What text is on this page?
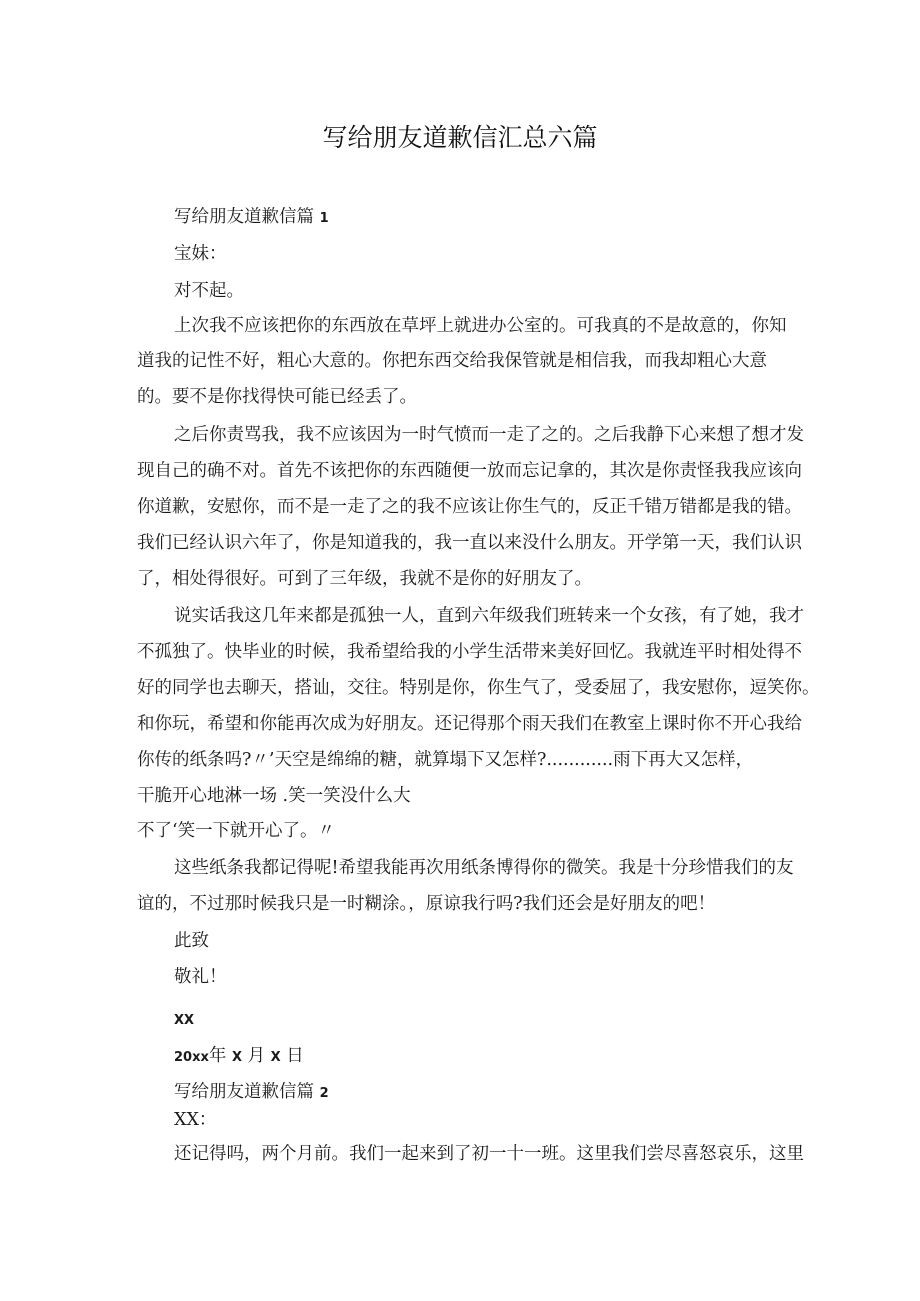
写给朋友道歉信汇总六篇
写给朋友道歉信篇 1
宝妹：
对不起。
上次我不应该把你的东西放在草坪上就进办公室的。可我真的不是故意的，你知
道我的记性不好，粗心大意的。你把东西交给我保管就是相信我，而我却粗心大意
的。要不是你找得快可能已经丢了。
之后你责骂我，我不应该因为一时气愤而一走了之的。之后我静下心来想了想才发
现自己的确不对。首先不该把你的东西随便一放而忘记拿的，其次是你责怪我我应该向
你道歉，安慰你，而不是一走了之的我不应该让你生气的，反正千错万错都是我的错。
我们已经认识六年了，你是知道我的，我一直以来没什么朋友。开学第一天，我们认识
了，相处得很好。可到了三年级，我就不是你的好朋友了。
说实话我这几年来都是孤独一人，直到六年级我们班转来一个女孩，有了她，我才
不孤独了。快毕业的时候，我希望给我的小学生活带来美好回忆。我就连平时相处得不
好的同学也去聊天，搭讪，交往。特别是你，你生气了，受委屈了，我安慰你，逗笑你。
和你玩，希望和你能再次成为好朋友。还记得那个雨天我们在教室上课时你不开心我给
你传的纸条吗?〃’天空是绵绵的糖，就算塌下又怎样?............雨下再大又怎样，
干脆开心地淋一场 .笑一笑没什么大
不了‘笑一下就开心了。〃
这些纸条我都记得呢!希望我能再次用纸条博得你的微笑。我是十分珍惜我们的友
谊的，不过那时候我只是一时糊涂。，原谅我行吗?我们还会是好朋友的吧！
此致
敬礼！
XX
20xx年 X 月 X 日
写给朋友道歉信篇 2
XX：
还记得吗，两个月前。我们一起来到了初一十一班。这里我们尝尽喜怒哀乐，这里
